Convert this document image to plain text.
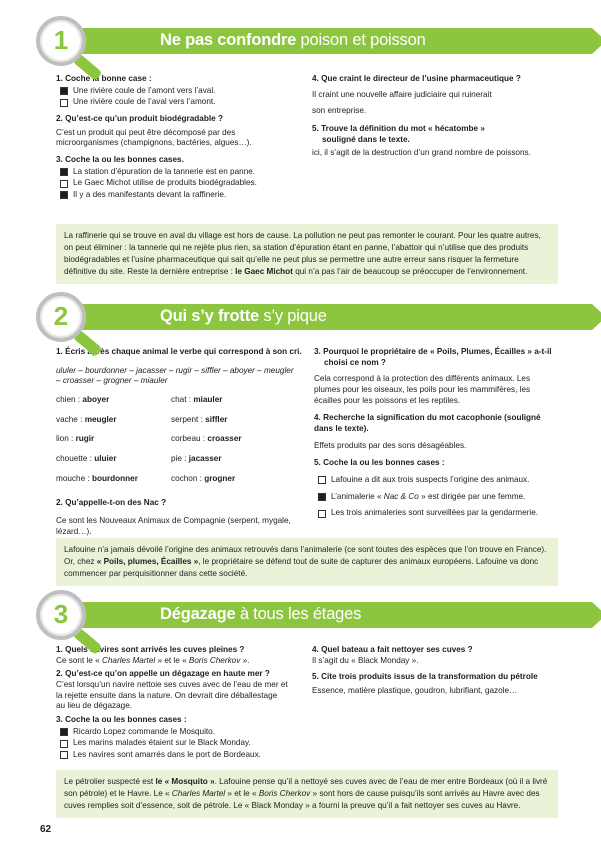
1	Ne pas confondre poison et poisson
1. Coche la bonne case :
Une rivière coule de l’amont vers l’aval.
Une rivière coule de l’aval vers l’amont.
2. Qu’est-ce qu’un produit biodégradable ?
C’est un produit qui peut être décomposé par des microorganismes (champignons, bactéries, algues…).
3. Coche la ou les bonnes cases.
La station d’épuration de la tannerie est en panne.
Le Gaec Michot utilise de produits biodégradables.
Il y a des manifestants devant la raffinerie.
4. Que craint le directeur de l’usine pharmaceutique ?
Il craint une nouvelle affaire judiciaire qui ruinerait
son entreprise.
5. Trouve la définition du mot « hécatombe »
souligné dans le texte.
ici, il s’agit de la destruction d’un grand nombre de poissons.
La raffinerie qui se trouve en aval du village est hors de cause. La pollution ne peut pas remonter le courant. Pour les quatre autres, on peut éliminer : la tannerie qui ne rejète plus rien, sa station d’épuration étant en panne, l’abattoir qui n’utilise que des produits biodégradables et l’usine pharmaceutique qui sait qu’elle ne peut plus se permettre une autre erreur sans risquer la fermeture définitive du site. Reste la dernière entreprise : le Gaec Michot qui n’a pas l’air de beaucoup se préoccuper de l’environnement.
2	Qui s’y frotte s’y pique
1. Écris après chaque animal le verbe qui correspond à son cri.
ululer – bourdonner – jacasser – rugir – siffler – aboyer – meugler – croasser – grogner – miauler
chien : aboyer	chat : miauler
vache : meugler	serpent : siffler
lion : rugir	corbeau : croasser
chouette : uluier	pie : jacasser
mouche : bourdonner	cochon : grogner
2. Qu’appelle-t-on des Nac ?
Ce sont les Nouveaux Animaux de Compagnie (serpent, mygale, lézard…).
3. Pourquoi le propriétaire de « Poils, Plumes, Écailles » a-t-il
choisi ce nom ?
Cela correspond à la protection des différents animaux. Les plumes pour les oiseaux, les poils pour les mammifères, les écailles pour les poissons et les reptiles.
4. Recherche la signification du mot cacophonie (souligné dans le texte).
Effets produits par des sons désagéables.
5. Coche la ou les bonnes cases :
Lafouine a dit aux trois suspects l’origine des animaux.
L’animalerie « Nac & Co » est dirigée par une femme.
Les trois animaleries sont surveillées par la gendarmerie.
Lafouine n’a jamais dévoilé l’origine des animaux retrouvés dans l’animalerie (ce sont toutes des espèces que l’on trouve en France). Or, chez « Poils, plumes, Écailles », le propriétaire se défend tout de suite de capturer des animaux européens. Lafouine va donc commencer par perquisitionner dans cette société.
3	Dégazage à tous les étages
1. Quels navires sont arrivés les cuves pleines ?
Ce sont le « Charles Martel » et le « Boris Cherkov ».
2. Qu’est-ce qu’on appelle un dégazage en haute mer ?
C’est lorsqu’un navire nettoie ses cuves avec de l’eau de mer et la rejette ensuite dans la nature. On devrait dire déballestage au lieu de dégazage.
3. Coche la ou les bonnes cases :
Ricardo Lopez commande le Mosquito.
Les marins malades étaient sur le Black Monday.
Les navires sont amarrés dans le port de Bordeaux.
4. Quel bateau a fait nettoyer ses cuves ?
Il s’agit du « Black Monday ».
5. Cite trois produits issus de la transformation du pétrole
Essence, matière plastique, goudron, lubrifiant, gazole…
Le pétrolier suspecté est le « Mosquito ». Lafouine pense qu’il a nettoyé ses cuves avec de l’eau de mer entre Bordeaux (où il a livré son pétrole) et le Havre. Le « Charles Martel » et le « Boris Cherkov » sont hors de cause puisqu’ils sont arrivés au Havre avec des cuves remplies soit d’essence, soit de pétrole. Le « Black Monday » a fourni la preuve qu’il a fait nettoyer ses cuves au Havre.
62
